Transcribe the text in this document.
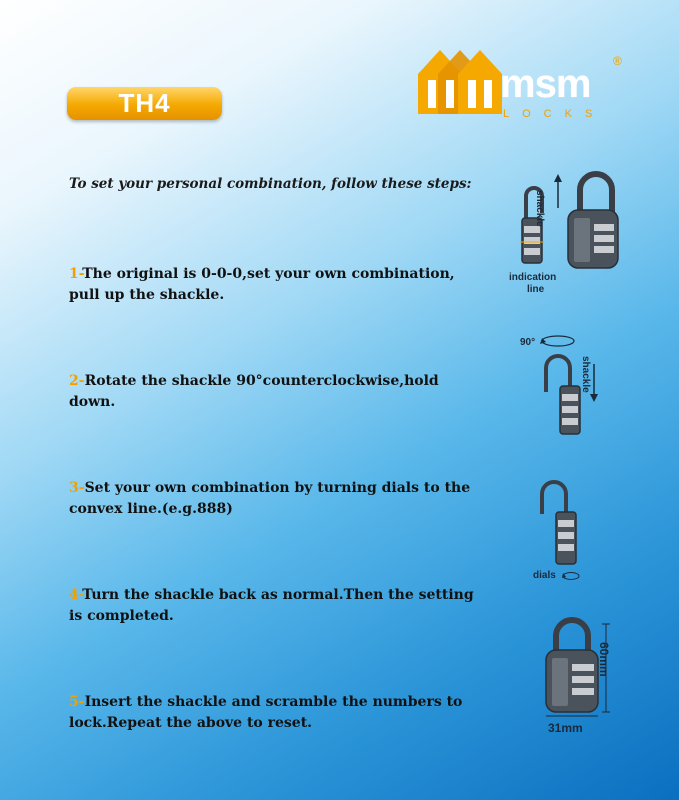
TH4	msm
LOCKS
®
To set your personal combination, follow these steps:
1-The original is 0-0-0,set your own combination, pull up the shackle.
2-Rotate the shackle 90°counterclockwise,hold down.
3-Set your own combination by turning dials to the convex line.(e.g.888)
4-Turn the shackle back as normal.Then the setting is completed.
5-Insert the shackle and scramble the numbers to lock.Repeat the above to reset.
shackle
indication
line
90°
shackle
dials
60mm
31mm
